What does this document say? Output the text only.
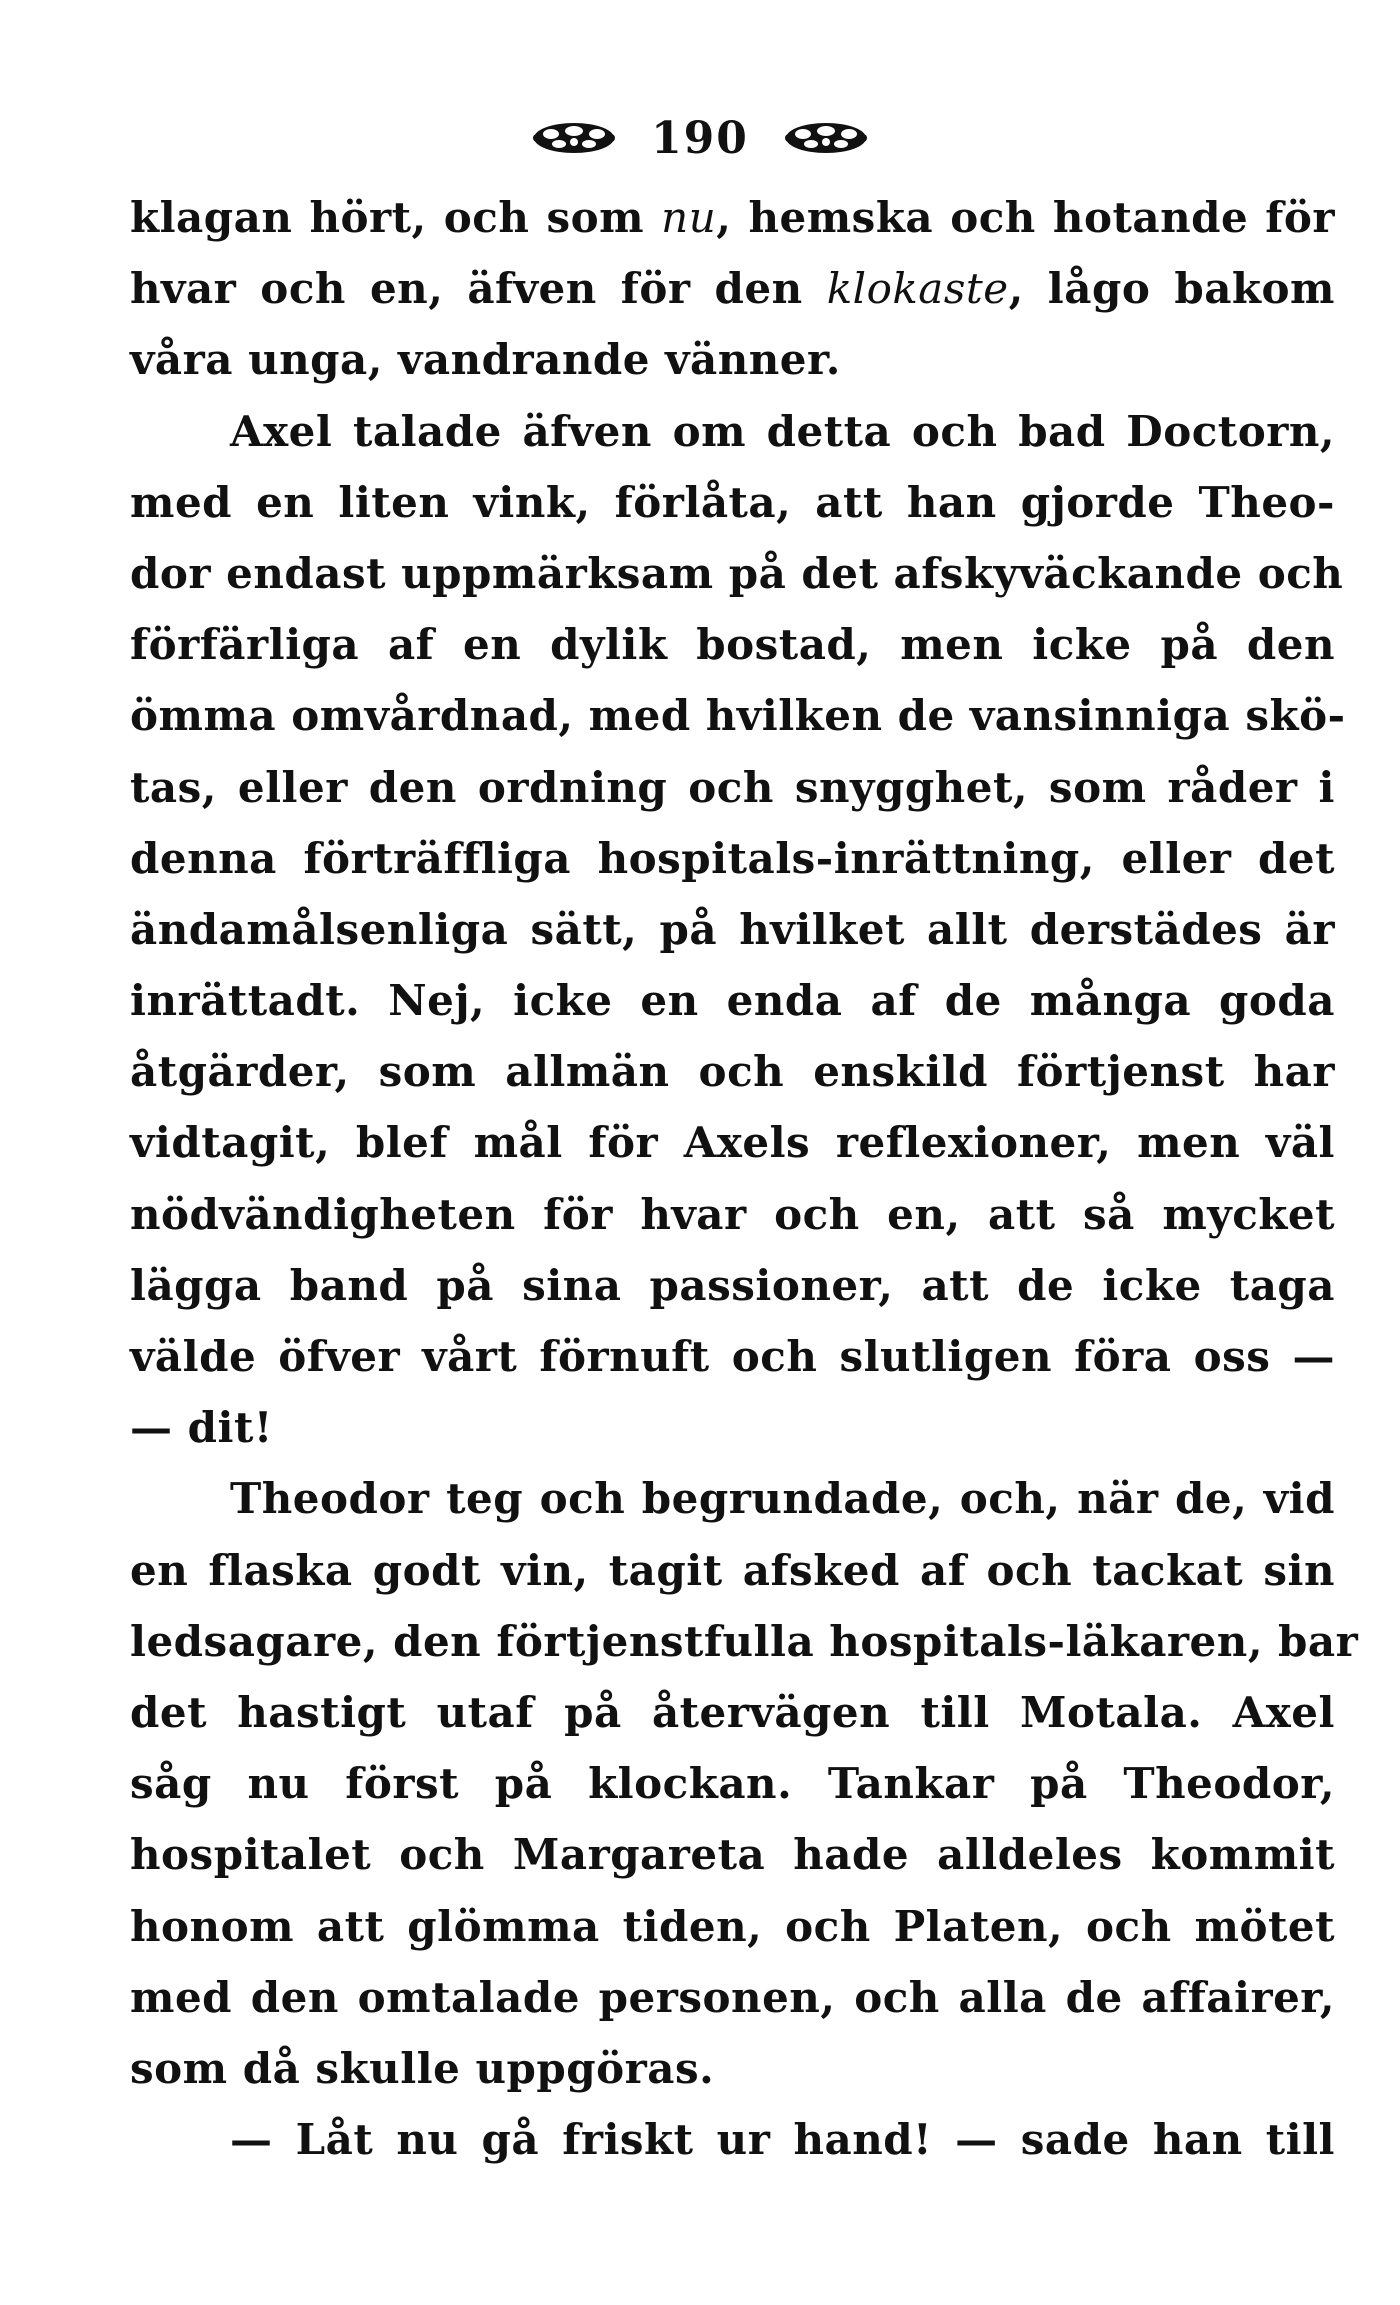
190
klagan hört, och som nu, hemska och hotande för
hvar och en, äfven för den klokaste, lågo bakom
våra unga, vandrande vänner.
Axel talade äfven om detta och bad Doctorn,
med en liten vink, förlåta, att han gjorde Theo-
dor endast uppmärksam på det afskyväckande och
förfärliga af en dylik bostad, men icke på den
ömma omvårdnad, med hvilken de vansinniga skö-
tas, eller den ordning och snygghet, som råder i
denna förträffliga hospitals-inrättning, eller det
ändamålsenliga sätt, på hvilket allt derstädes är
inrättadt. Nej, icke en enda af de många goda
åtgärder, som allmän och enskild förtjenst har
vidtagit, blef mål för Axels reflexioner, men väl
nödvändigheten för hvar och en, att så mycket
lägga band på sina passioner, att de icke taga
välde öfver vårt förnuft och slutligen föra oss —
— dit!
Theodor teg och begrundade, och, när de, vid
en flaska godt vin, tagit afsked af och tackat sin
ledsagare, den förtjenstfulla hospitals-läkaren, bar
det hastigt utaf på återvägen till Motala. Axel
såg nu först på klockan. Tankar på Theodor,
hospitalet och Margareta hade alldeles kommit
honom att glömma tiden, och Platen, och mötet
med den omtalade personen, och alla de affairer,
som då skulle uppgöras.
— Låt nu gå friskt ur hand! — sade han till
